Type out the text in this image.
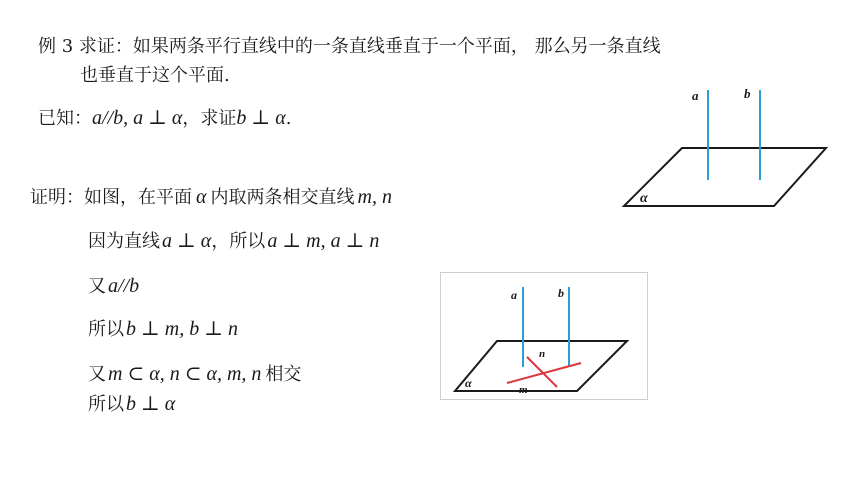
例 3 求证：如果两条平行直线中的一条直线垂直于一个平面， 那么另一条直线
也垂直于这个平面.
已知：a//b, a ⊥ α，求证b ⊥ α.
证明：如图，在平面 α 内取两条相交直线 m, n
因为直线 a ⊥ α，所以 a ⊥ m, a ⊥ n
又 a//b
所以 b ⊥ m, b ⊥ n
又 m ⊂ α, n ⊂ α, m, n 相交
所以 b ⊥ α
a	b
α
a	b
α	m
n
